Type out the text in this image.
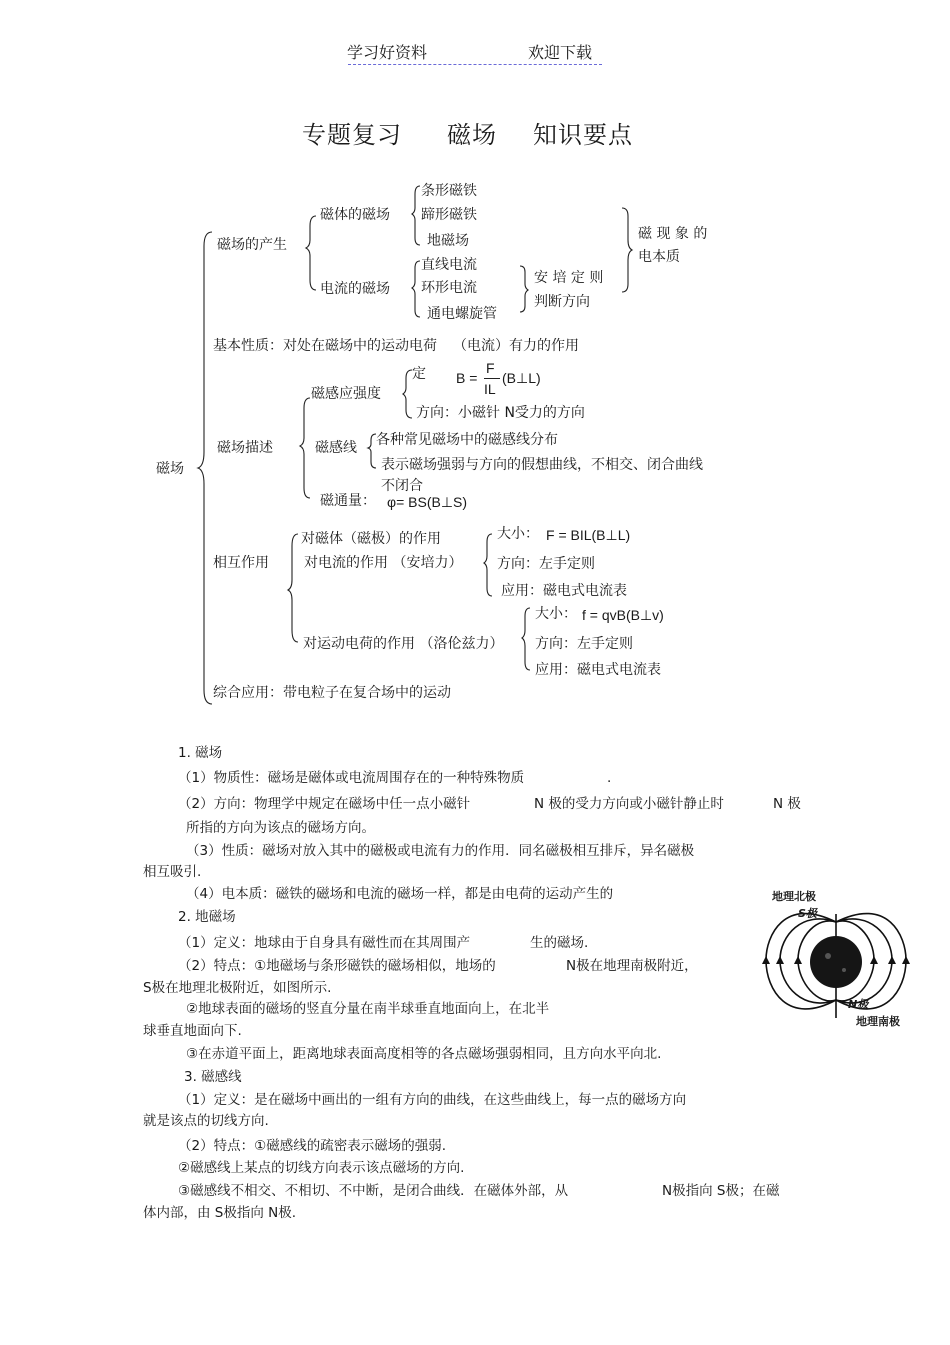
学习好资料	欢迎下载
专题复习 磁场 知识要点
磁场
磁场的产生
磁体的磁场
条形磁铁
蹄形磁铁
地磁场
电流的磁场
直线电流
环形电流
通电螺旋管
安 培 定 则
判断方向
磁 现 象 的
电本质
基本性质：对处在磁场中的运动电荷 （电流）有力的作用
磁场描述
磁感应强度
定 B =
F
IL
(B⊥L)
方向：小磁针 N受力的方向
磁感线 各种常见磁场中的磁感线分布
表示磁场强弱与方向的假想曲线，不相交、闭合曲线
不闭合
磁通量： φ= BS(B⊥S)
相互作用
对磁体（磁极）的作用
对电流的作用 （安培力）
大小： F = BIL(B⊥L)
方向：左手定则
应用：磁电式电流表
对运动电荷的作用 （洛伦兹力）
大小： f = qvB(B⊥v)
方向：左手定则
应用：磁电式电流表
综合应用：带电粒子在复合场中的运动
1. 磁场
（1）物质性：磁场是磁体或电流周围存在的一种特殊物质	.
（2）方向：物理学中规定在磁场中任一点小磁针	N 极的受力方向或小磁针静止时	N 极
所指的方向为该点的磁场方向。
（3）性质：磁场对放入其中的磁极或电流有力的作用．同名磁极相互排斥，异名磁极
相互吸引.
（4）电本质：磁铁的磁场和电流的磁场一样，都是由电荷的运动产生的
2. 地磁场
（1）定义：地球由于自身具有磁性而在其周围产	生的磁场.
（2）特点：①地磁场与条形磁铁的磁场相似，地场的	N极在地理南极附近，
S极在地理北极附近，如图所示.
②地球表面的磁场的竖直分量在南半球垂直地面向上，在北半
球垂直地面向下.
③在赤道平面上，距离地球表面高度相等的各点磁场强弱相同，且方向水平向北.
3. 磁感线
（1）定义：是在磁场中画出的一组有方向的曲线，在这些曲线上，每一点的磁场方向
就是该点的切线方向.
（2）特点：①磁感线的疏密表示磁场的强弱.
②磁感线上某点的切线方向表示该点磁场的方向.
③磁感线不相交、不相切、不中断，是闭合曲线．在磁体外部，从	N极指向 S极；在磁
体内部，由 S极指向 N极.
地理北极
S极
N极
地理南极
